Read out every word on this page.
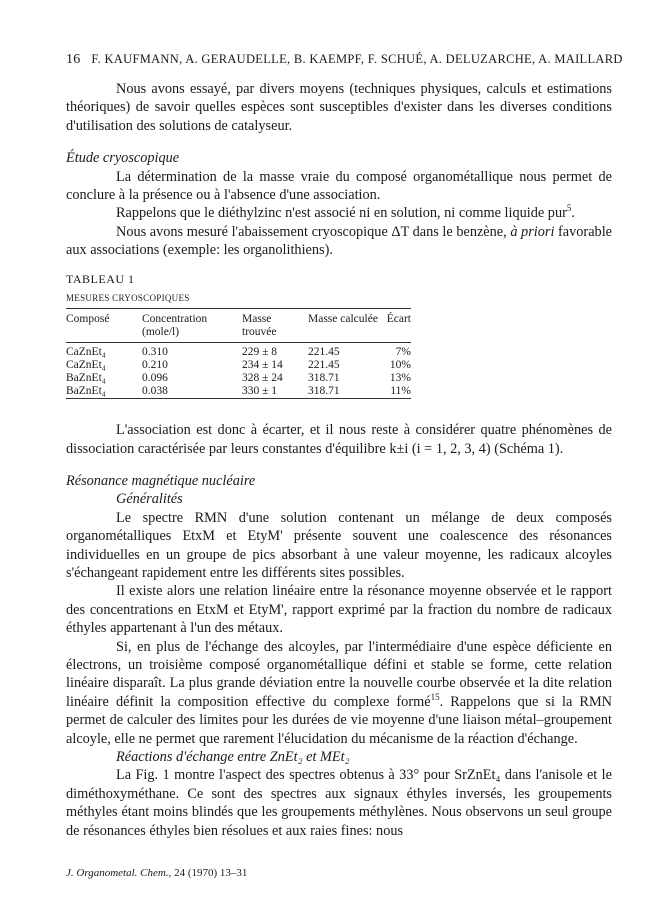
16 F. KAUFMANN, A. GERAUDELLE, B. KAEMPF, F. SCHUÉ, A. DELUZARCHE, A. MAILLARD

Nous avons essayé, par divers moyens (techniques physiques, calculs et estimations théoriques) de savoir quelles espèces sont susceptibles d'exister dans les diverses conditions d'utilisation des solutions de catalyseur.

Étude cryoscopique

La détermination de la masse vraie du composé organométallique nous permet de conclure à la présence ou à l'absence d'une association.

Rappelons que le diéthylzinc n'est associé ni en solution, ni comme liquide pur$^5$.

Nous avons mesuré l'abaissement cryoscopique ΔT dans le benzène, à priori favorable aux associations (exemple: les organolithiens).

TABLEAU 1
MESURES CRYOSCOPIQUES
Composé	Concentration (mole/l)	Masse trouvée	Masse calculée	Écart

CaZnEt₄	0.310	229 ± 8	221.45	7%
CaZnEt₄	0.210	234 ± 14	221.45	10%
BaZnEt₄	0.096	328 ± 24	318.71	13%
BaZnEt₄	0.038	330 ± 1	318.71	11%

L'association est donc à écarter, et il nous reste à considérer quatre phénomènes de dissociation caractérisée par leurs constantes d'équilibre k±i (i = 1, 2, 3, 4) (Schéma 1).

Résonance magnétique nucléaire
Généralités

Le spectre RMN d'une solution contenant un mélange de deux composés organométalliques EtxM et EtyM' présente souvent une coalescence des résonances individuelles en un groupe de pics absorbant à une valeur moyenne, les radicaux alcoyles s'échangeant rapidement entre les différents sites possibles.

Il existe alors une relation linéaire entre la résonance moyenne observée et le rapport des concentrations en EtxM et EtyM', rapport exprimé par la fraction du nombre de radicaux éthyles appartenant à l'un des métaux.

Si, en plus de l'échange des alcoyles, par l'intermédiaire d'une espèce déficiente en électrons, un troisième composé organométallique défini et stable se forme, cette relation linéaire disparaît. La plus grande déviation entre la nouvelle courbe observée et la dite relation linéaire définit la composition effective du complexe formé$^{15}$. Rappelons que si la RMN permet de calculer des limites pour les durées de vie moyenne d'une liaison métal–groupement alcoyle, elle ne permet que rarement l'élucidation du mécanisme de la réaction d'échange.

Réactions d'échange entre ZnEt₂ et MEt₂

La Fig. 1 montre l'aspect des spectres obtenus à 33° pour SrZnEt₄ dans l'anisole et le diméthoxyméthane. Ce sont des spectres aux signaux éthyles inversés, les groupements méthyles étant moins blindés que les groupements méthylènes. Nous observons un seul groupe de résonances éthyles bien résolues et aux raies fines: nous

J. Organometal. Chem., 24 (1970) 13–31
